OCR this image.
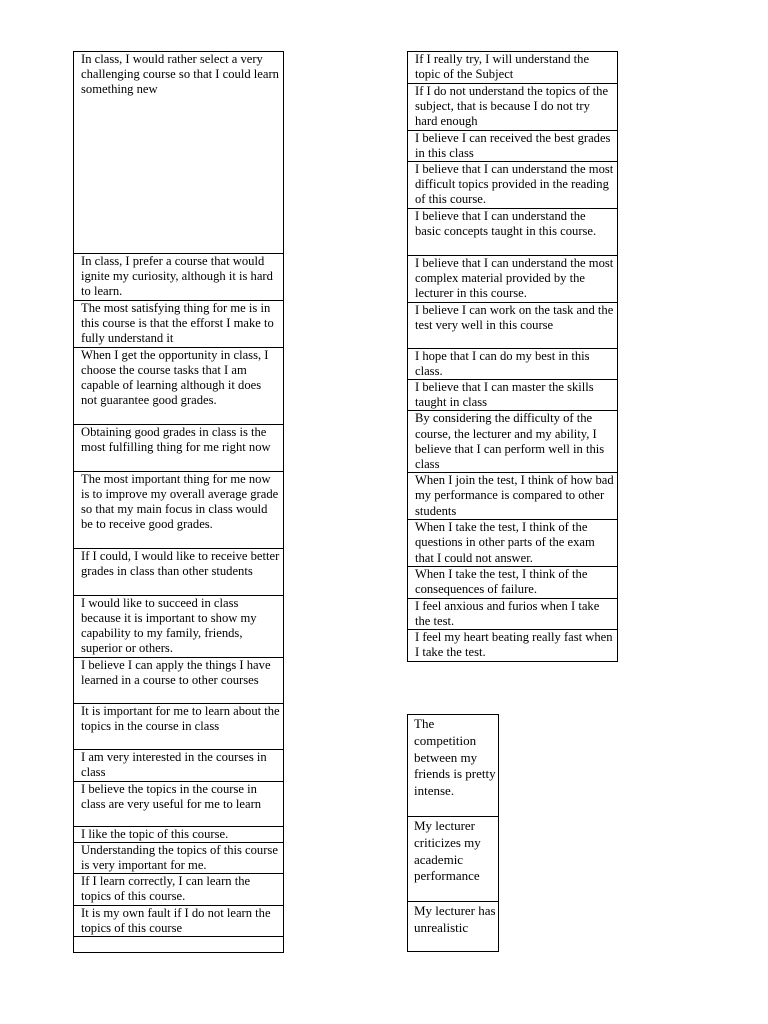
In class, I would rather select a very challenging course so that I could learn something new
In class, I prefer a course that would ignite my curiosity, although it is hard to learn.
The most satisfying thing for me is in this course is that the efforst I make to fully understand it
When I get the opportunity in class, I choose the course tasks that I am capable of learning although it does not guarantee good grades.
Obtaining good grades in class is the most fulfilling thing for me right now
The most important thing for me now is to improve my overall average grade so that my main focus in class would be to receive good grades.
If I could, I would like to receive better grades in class than other students
I would like to succeed in class because it is important to show my capability to my family, friends, superior or others.
I believe I can apply the things I have learned in a course to other courses
It is important for me to learn about the topics in the course in class
I am very interested in the courses in class
I believe the topics in the course in class are very useful for me to learn
I like the topic of this course.
Understanding the topics of this course is very important for me.
If I learn correctly, I can learn the topics of this course.
It is my own fault if I do not learn the topics of this course

If I really try, I will understand the topic of the Subject
If I do not understand the topics of the subject, that is because I do not try hard enough
I believe I can received the best grades in this class
I believe that I can understand the most difficult topics provided in the reading of this course.
I believe that I can understand the basic concepts taught in this course.
I believe that I can understand the most complex material provided by the lecturer in this course.
I believe I can work on the task and the test very well in this course
I hope that I can do my best in this class.
I believe that I can master the skills taught in class
By considering the difficulty of the course, the lecturer and my ability, I believe that I can perform well in this class
When I join the test, I think of how bad my performance is compared to other students
When I take the test, I think of the questions in other parts of the exam that I could not answer.
When I take the test, I think of the consequences of failure.
I feel anxious and furios when I take the test.
I feel my heart beating really fast when I take the test.
The competition between my friends is pretty intense.
My lecturer criticizes my academic performance
My lecturer has unrealistic
